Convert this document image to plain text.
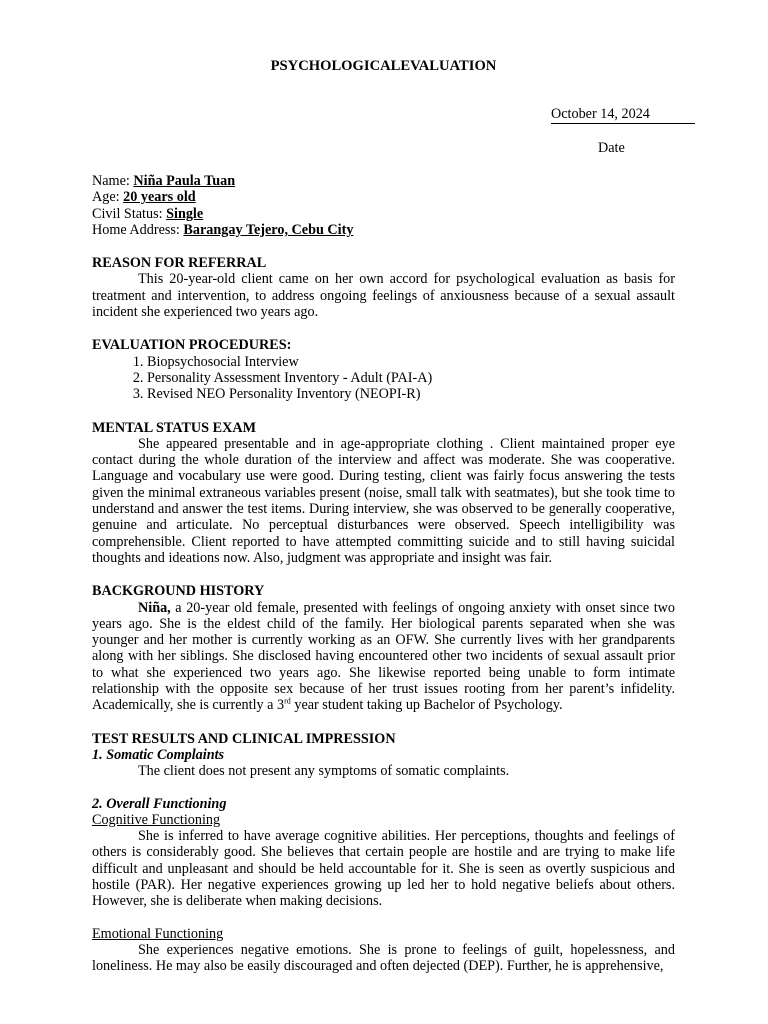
PSYCHOLOGICALEVALUATION
October 14, 2024
Date
Name: Niña Paula Tuan
Age: 20 years old
Civil Status: Single
Home Address: Barangay Tejero, Cebu City
REASON FOR REFERRAL

This 20-year-old client came on her own accord for psychological evaluation as basis for treatment and intervention, to address ongoing feelings of anxiousness because of a sexual assault incident she experienced two years ago.

EVALUATION PROCEDURES:
1. Biopsychosocial Interview
2. Personality Assessment Inventory - Adult (PAI-A)
3. Revised NEO Personality Inventory (NEOPI-R)
MENTAL STATUS EXAM

She appeared presentable and in age-appropriate clothing . Client maintained proper eye contact during the whole duration of the interview and affect was moderate. She was cooperative. Language and vocabulary use were good. During testing, client was fairly focus answering the tests given the minimal extraneous variables present (noise, small talk with seatmates), but she took time to understand and answer the test items. During interview, she was observed to be generally cooperative, genuine and articulate. No perceptual disturbances were observed. Speech intelligibility was comprehensible. Client reported to have attempted committing suicide and to still having suicidal thoughts and ideations now. Also, judgment was appropriate and insight was fair.

BACKGROUND HISTORY

Niña, a 20-year old female, presented with feelings of ongoing anxiety with onset since two years ago. She is the eldest child of the family. Her biological parents separated when she was younger and her mother is currently working as an OFW. She currently lives with her grandparents along with her siblings. She disclosed having encountered other two incidents of sexual assault prior to what she experienced two years ago. She likewise reported being unable to form intimate relationship with the opposite sex because of her trust issues rooting from her parent’s infidelity. Academically, she is currently a 3rd year student taking up Bachelor of Psychology.

TEST RESULTS AND CLINICAL IMPRESSION
1. Somatic Complaints

The client does not present any symptoms of somatic complaints.

2. Overall Functioning
Cognitive Functioning

She is inferred to have average cognitive abilities. Her perceptions, thoughts and feelings of others is considerably good. She believes that certain people are hostile and are trying to make life difficult and unpleasant and should be held accountable for it. She is seen as overtly suspicious and hostile (PAR). Her negative experiences growing up led her to hold negative beliefs about others. However, she is deliberate when making decisions.

Emotional Functioning

She experiences negative emotions. She is prone to feelings of guilt, hopelessness, and loneliness. He may also be easily discouraged and often dejected (DEP). Further, he is apprehensive,
